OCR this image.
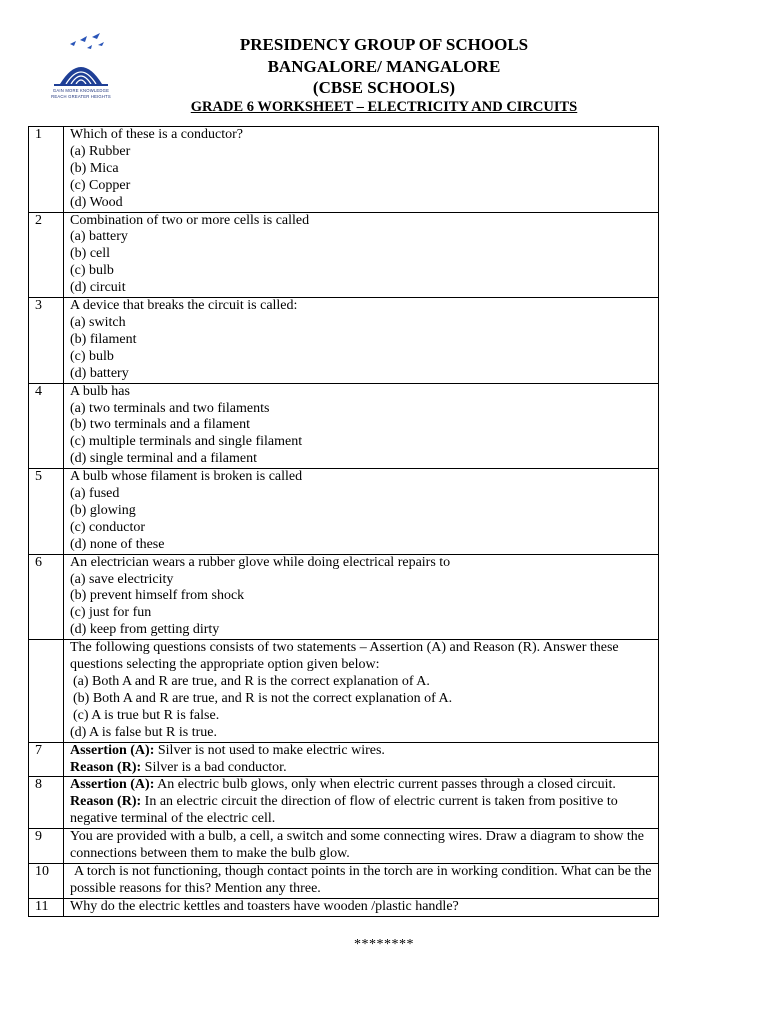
GAIN MORE KNOWLEDGE
REACH GREATER HEIGHTS
PRESIDENCY GROUP OF SCHOOLS
BANGALORE/ MANGALORE
(CBSE SCHOOLS)
GRADE 6 WORKSHEET – ELECTRICITY AND CIRCUITS
1	Which of these is a conductor?
(a) Rubber
(b) Mica
(c) Copper
(d) Wood

2	Combination of two or more cells is called
(a) battery
(b) cell
(c) bulb
(d) circuit

3	A device that breaks the circuit is called:
(a) switch
(b) filament
(c) bulb
(d) battery

4	A bulb has
(a) two terminals and two filaments
(b) two terminals and a filament
(c) multiple terminals and single filament
(d) single terminal and a filament

5	A bulb whose filament is broken is called
(a) fused
(b) glowing
(c) conductor
(d) none of these

6	An electrician wears a rubber glove while doing electrical repairs to
(a) save electricity
(b) prevent himself from shock
(c) just for fun
(d) keep from getting dirty

	The following questions consists of two statements – Assertion (A) and Reason (R). Answer these questions selecting the appropriate option given below:
(a) Both A and R are true, and R is the correct explanation of A.
(b) Both A and R are true, and R is not the correct explanation of A.
(c) A is true but R is false.
(d) A is false but R is true.

7	Assertion (A): Silver is not used to make electric wires.
Reason (R): Silver is a bad conductor.

8	Assertion (A): An electric bulb glows, only when electric current passes through a closed circuit.
Reason (R): In an electric circuit the direction of flow of electric current is taken from positive to negative terminal of the electric cell.

9	You are provided with a bulb, a cell, a switch and some connecting wires. Draw a diagram to show the connections between them to make the bulb glow.
10	A torch is not functioning, though contact points in the torch are in working condition. What can be the possible reasons for this? Mention any three.
11	Why do the electric kettles and toasters have wooden /plastic handle?
********
